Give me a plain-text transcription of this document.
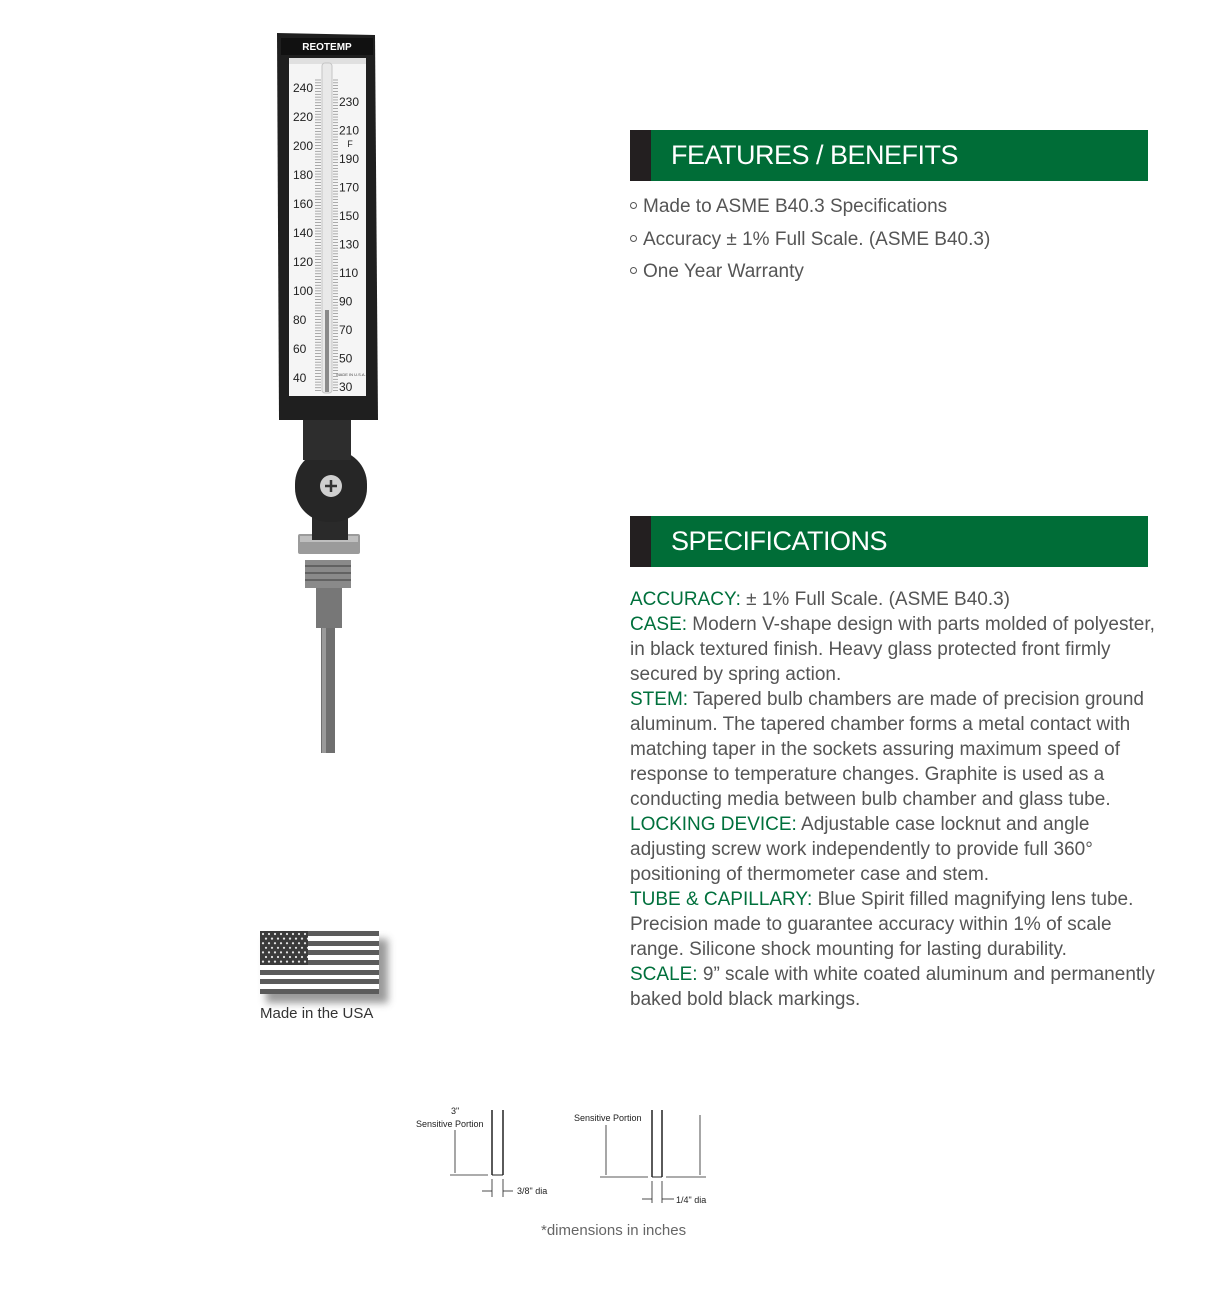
REOTEMP
240
220
200
180
160
140
120
100
80
60
40
230
210
190
170
150
130
110
90
70
50
30
F
MADE IN U.S.A.
FEATURES / BENEFITS
Made to ASME B40.3 Specifications
Accuracy ± 1% Full Scale. (ASME B40.3)
One Year Warranty
SPECIFICATIONS

ACCURACY: ± 1% Full Scale. (ASME B40.3)

CASE: Modern V-shape design with parts molded of polyester, in black textured finish. Heavy glass protected front firmly secured by spring action.

STEM: Tapered bulb chambers are made of precision ground aluminum. The tapered chamber forms a metal contact with matching taper in the sockets assuring maximum speed of response to temperature changes. Graphite is used as a conducting media between bulb chamber and glass tube.

LOCKING DEVICE: Adjustable case locknut and angle adjusting screw work independently to provide full 360° positioning of thermometer case and stem.

TUBE & CAPILLARY: Blue Spirit filled magnifying lens tube. Precision made to guarantee accuracy within 1% of scale range. Silicone shock mounting for lasting durability.

SCALE: 9” scale with white coated aluminum and permanently baked bold black markings.

Made in the USA
3"
Sensitive Portion
3/8" dia
Sensitive Portion
1/4" dia
*dimensions in inches
